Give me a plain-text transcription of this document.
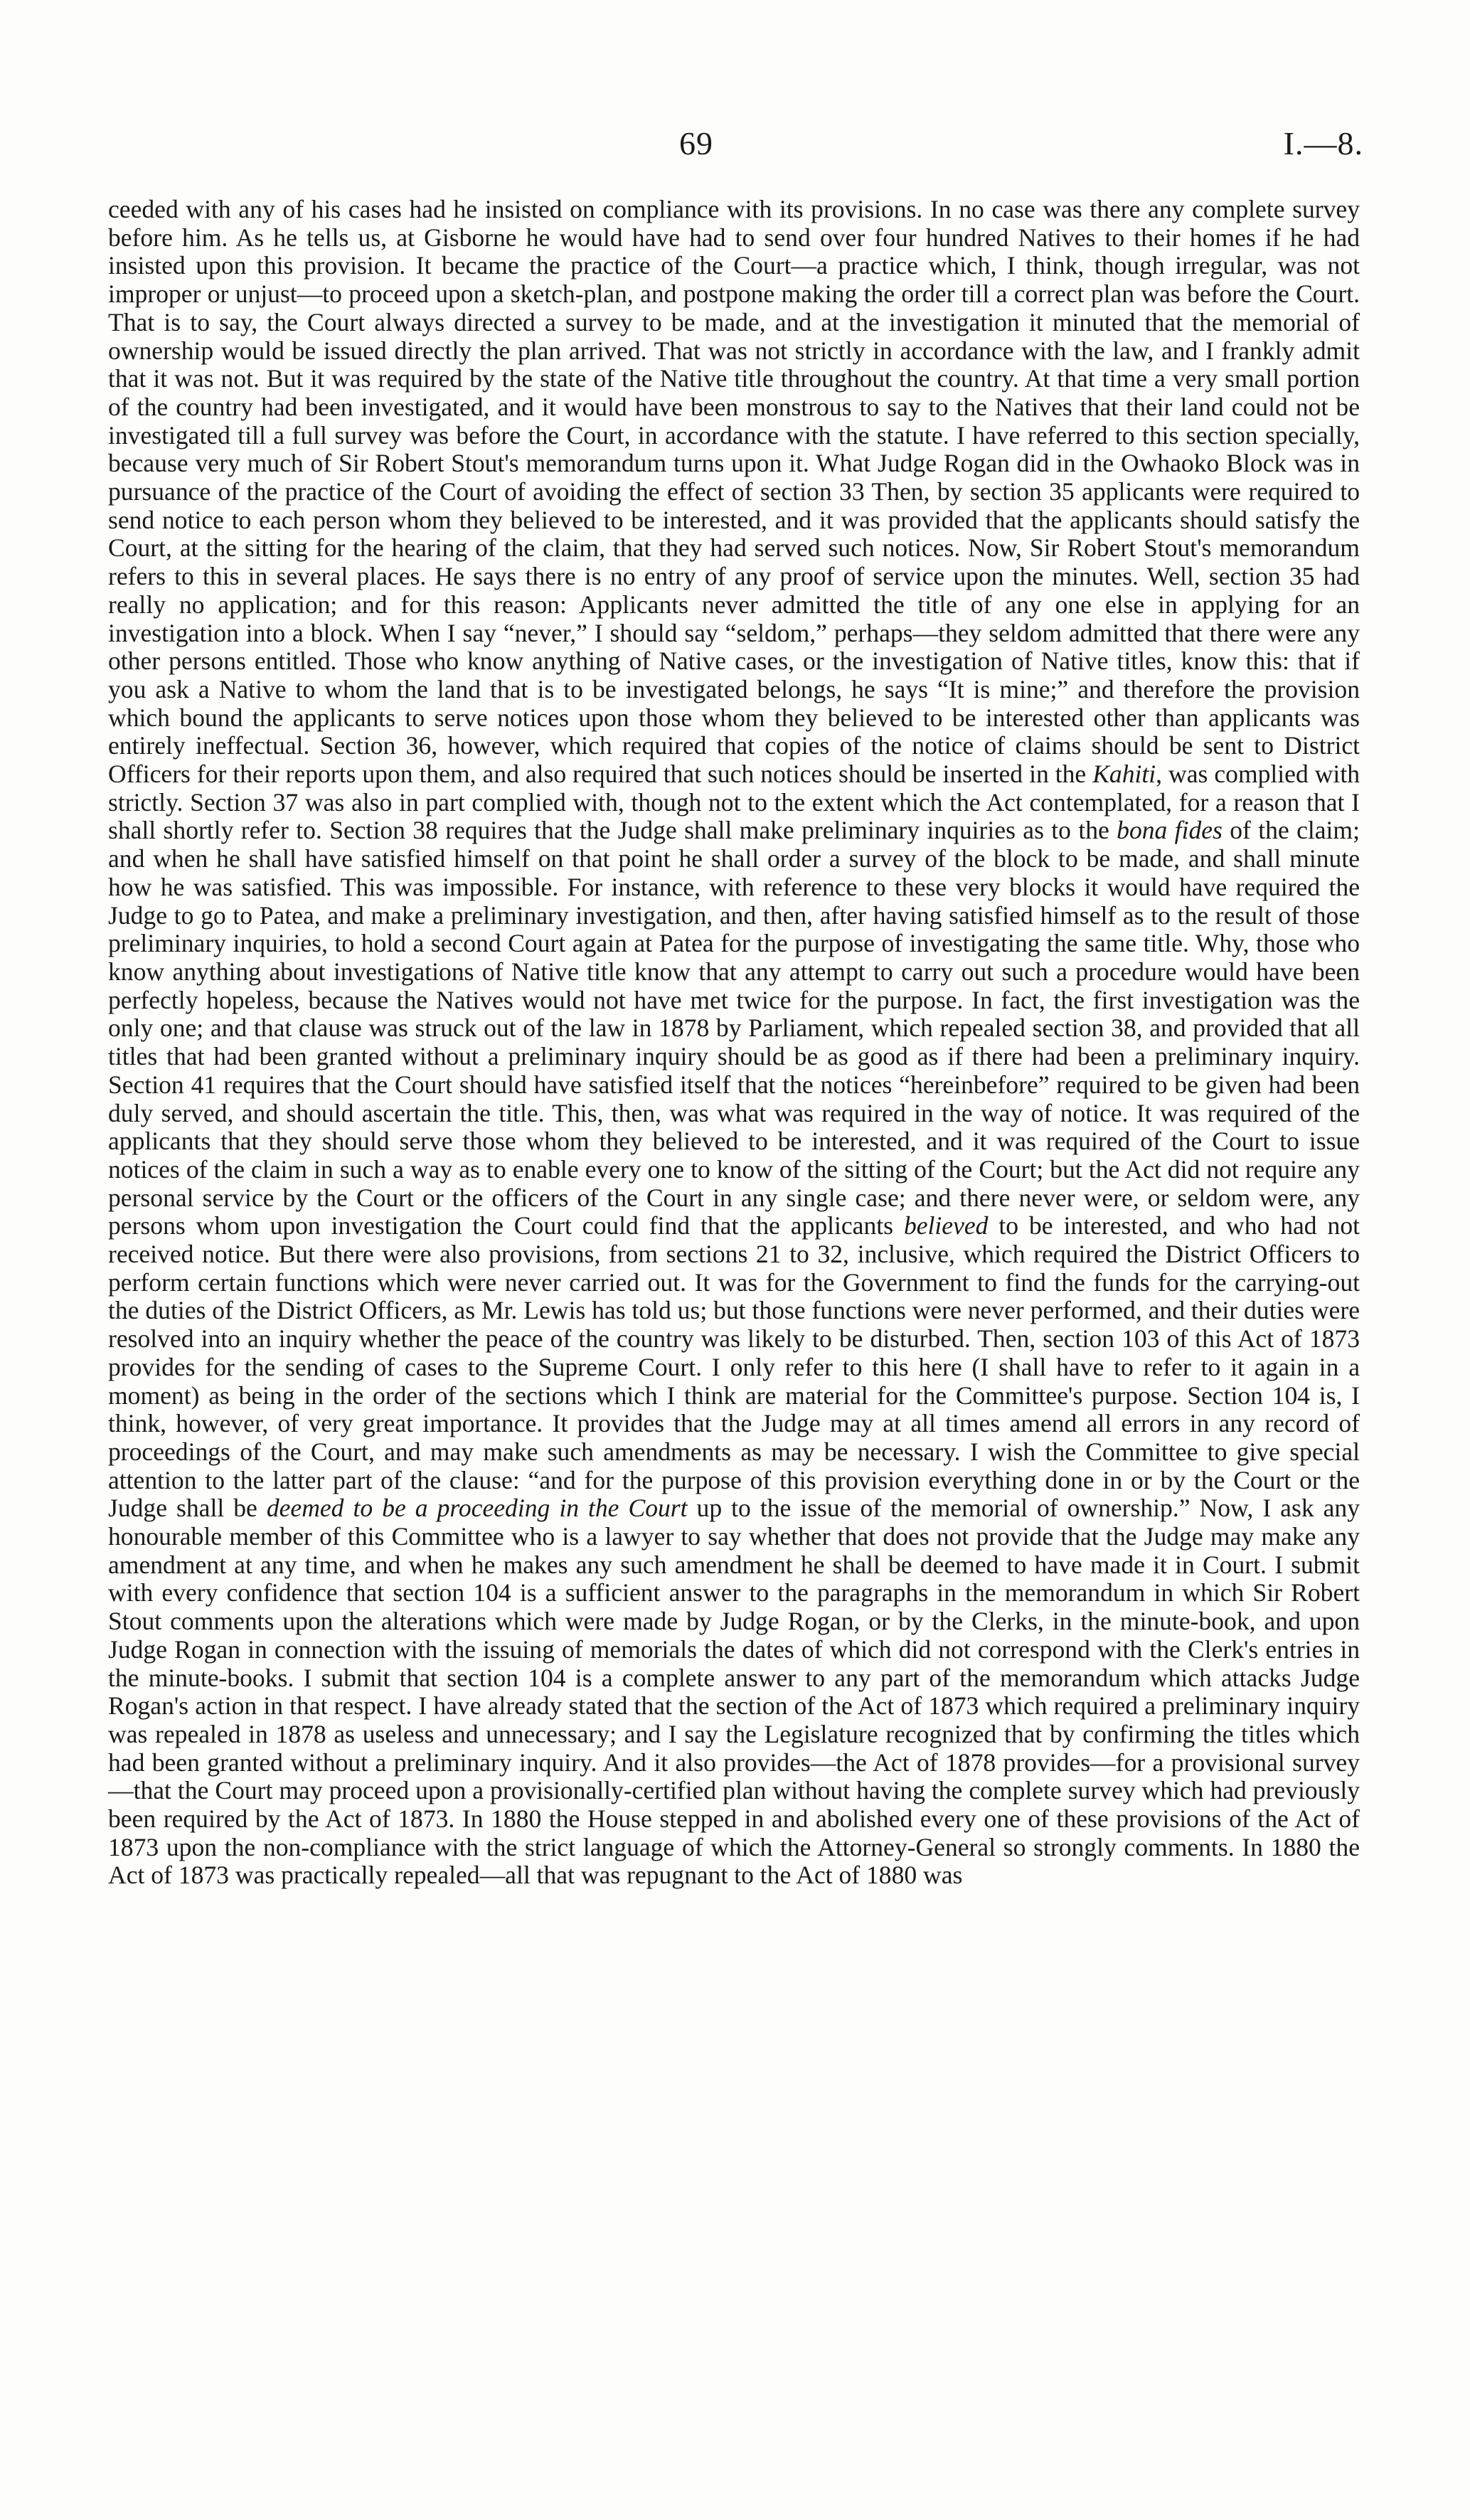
69	I.—8.

ceeded with any of his cases had he insisted on compliance with its provisions. In no case was there any complete survey before him. As he tells us, at Gisborne he would have had to send over four hundred Natives to their homes if he had insisted upon this provision. It became the practice of the Court—a practice which, I think, though irregular, was not improper or unjust—to proceed upon a sketch-plan, and postpone making the order till a correct plan was before the Court. That is to say, the Court always directed a survey to be made, and at the investigation it minuted that the memorial of ownership would be issued directly the plan arrived. That was not strictly in accordance with the law, and I frankly admit that it was not. But it was required by the state of the Native title throughout the country. At that time a very small portion of the country had been investigated, and it would have been monstrous to say to the Natives that their land could not be investigated till a full survey was before the Court, in accordance with the statute. I have referred to this section specially, because very much of Sir Robert Stout's memorandum turns upon it. What Judge Rogan did in the Owhaoko Block was in pursuance of the practice of the Court of avoiding the effect of section 33 Then, by section 35 applicants were required to send notice to each person whom they believed to be interested, and it was provided that the applicants should satisfy the Court, at the sitting for the hearing of the claim, that they had served such notices. Now, Sir Robert Stout's memorandum refers to this in several places. He says there is no entry of any proof of service upon the minutes. Well, section 35 had really no application; and for this reason: Applicants never admitted the title of any one else in applying for an investigation into a block. When I say “never,” I should say “seldom,” perhaps—they seldom admitted that there were any other persons entitled. Those who know anything of Native cases, or the investigation of Native titles, know this: that if you ask a Native to whom the land that is to be investigated belongs, he says “It is mine;” and therefore the provision which bound the applicants to serve notices upon those whom they believed to be interested other than applicants was entirely ineffectual. Section 36, however, which required that copies of the notice of claims should be sent to District Officers for their reports upon them, and also required that such notices should be inserted in the Kahiti, was complied with strictly. Section 37 was also in part complied with, though not to the extent which the Act contemplated, for a reason that I shall shortly refer to. Section 38 requires that the Judge shall make preliminary inquiries as to the bona fides of the claim; and when he shall have satisfied himself on that point he shall order a survey of the block to be made, and shall minute how he was satisfied. This was impossible. For instance, with reference to these very blocks it would have required the Judge to go to Patea, and make a preliminary investigation, and then, after having satisfied himself as to the result of those preliminary inquiries, to hold a second Court again at Patea for the purpose of investigating the same title. Why, those who know anything about investigations of Native title know that any attempt to carry out such a procedure would have been perfectly hopeless, because the Natives would not have met twice for the purpose. In fact, the first investigation was the only one; and that clause was struck out of the law in 1878 by Parliament, which repealed section 38, and provided that all titles that had been granted without a preliminary inquiry should be as good as if there had been a preliminary inquiry. Section 41 requires that the Court should have satisfied itself that the notices “hereinbefore” required to be given had been duly served, and should ascertain the title. This, then, was what was required in the way of notice. It was required of the applicants that they should serve those whom they believed to be interested, and it was required of the Court to issue notices of the claim in such a way as to enable every one to know of the sitting of the Court; but the Act did not require any personal service by the Court or the officers of the Court in any single case; and there never were, or seldom were, any persons whom upon investigation the Court could find that the applicants believed to be interested, and who had not received notice. But there were also provisions, from sections 21 to 32, inclusive, which required the District Officers to perform certain functions which were never carried out. It was for the Government to find the funds for the carrying-out the duties of the District Officers, as Mr. Lewis has told us; but those functions were never performed, and their duties were resolved into an inquiry whether the peace of the country was likely to be disturbed. Then, section 103 of this Act of 1873 provides for the sending of cases to the Supreme Court. I only refer to this here (I shall have to refer to it again in a moment) as being in the order of the sections which I think are material for the Committee's purpose. Section 104 is, I think, however, of very great importance. It provides that the Judge may at all times amend all errors in any record of proceedings of the Court, and may make such amendments as may be necessary. I wish the Committee to give special attention to the latter part of the clause: “and for the purpose of this provision everything done in or by the Court or the Judge shall be deemed to be a proceeding in the Court up to the issue of the memorial of ownership.” Now, I ask any honourable member of this Committee who is a lawyer to say whether that does not provide that the Judge may make any amendment at any time, and when he makes any such amendment he shall be deemed to have made it in Court. I submit with every confidence that section 104 is a sufficient answer to the paragraphs in the memorandum in which Sir Robert Stout comments upon the alterations which were made by Judge Rogan, or by the Clerks, in the minute-book, and upon Judge Rogan in connection with the issuing of memorials the dates of which did not correspond with the Clerk's entries in the minute-books. I submit that section 104 is a complete answer to any part of the memorandum which attacks Judge Rogan's action in that respect. I have already stated that the section of the Act of 1873 which required a preliminary inquiry was repealed in 1878 as useless and unnecessary; and I say the Legislature recognized that by confirming the titles which had been granted without a preliminary inquiry. And it also provides—the Act of 1878 provides—for a provisional survey—that the Court may proceed upon a provisionally-certified plan without having the complete survey which had previously been required by the Act of 1873. In 1880 the House stepped in and abolished every one of these provisions of the Act of 1873 upon the non-compliance with the strict language of which the Attorney-General so strongly comments. In 1880 the Act of 1873 was practically repealed—all that was repugnant to the Act of 1880 was
